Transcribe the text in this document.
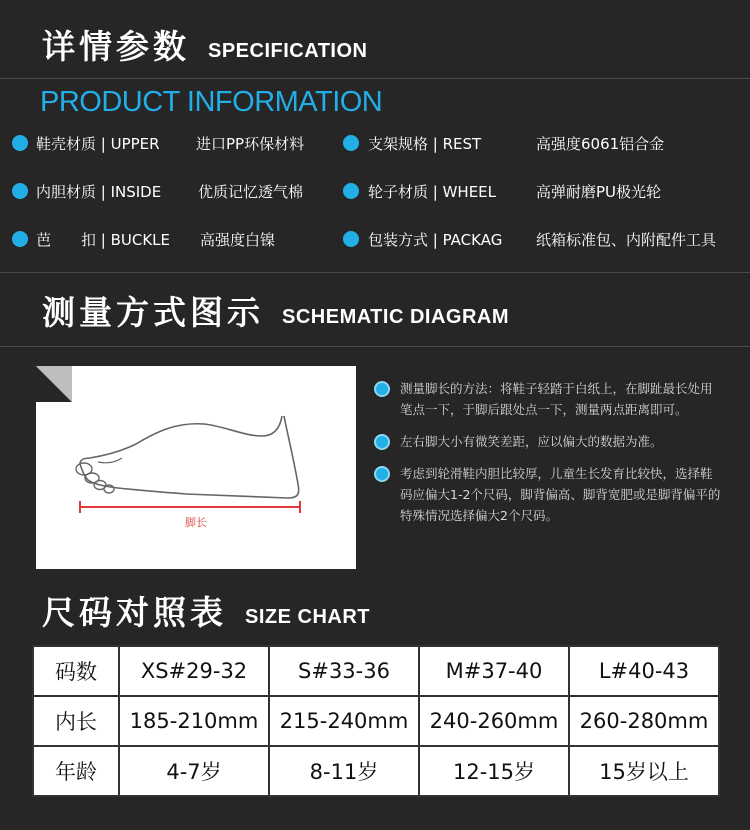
详情参数 SPECIFICATION
PRODUCT INFORMATION
鞋壳材质 | UPPER 进口PP环保材料	支架规格 | REST	高强度6061铝合金
内胆材质 | INSIDE 优质记忆透气棉	轮子材质 | WHEEL	高弹耐磨PU极光轮
芭　　扣 | BUCKLE 高强度白镍	包装方式 | PACKAG 纸箱标准包、内附配件工具
测量方式图示 SCHEMATIC DIAGRAM
脚长
测量脚长的方法：将鞋子轻踏于白纸上，在脚趾最长处用笔点一下，于脚后跟处点一下，测量两点距离即可。
左右脚大小有微笑差距，应以偏大的数据为准。
考虑到轮滑鞋内胆比较厚，儿童生长发育比较快，选择鞋码应偏大1-2个尺码，脚背偏高、脚背宽肥或是脚背偏平的特殊情况选择偏大2个尺码。
尺码对照表 SIZE CHART
码数	XS#29-32	S#33-36	M#37-40	L#40-43
内长	185-210mm	215-240mm	240-260mm	260-280mm
年龄	4-7岁	8-11岁	12-15岁	15岁以上
